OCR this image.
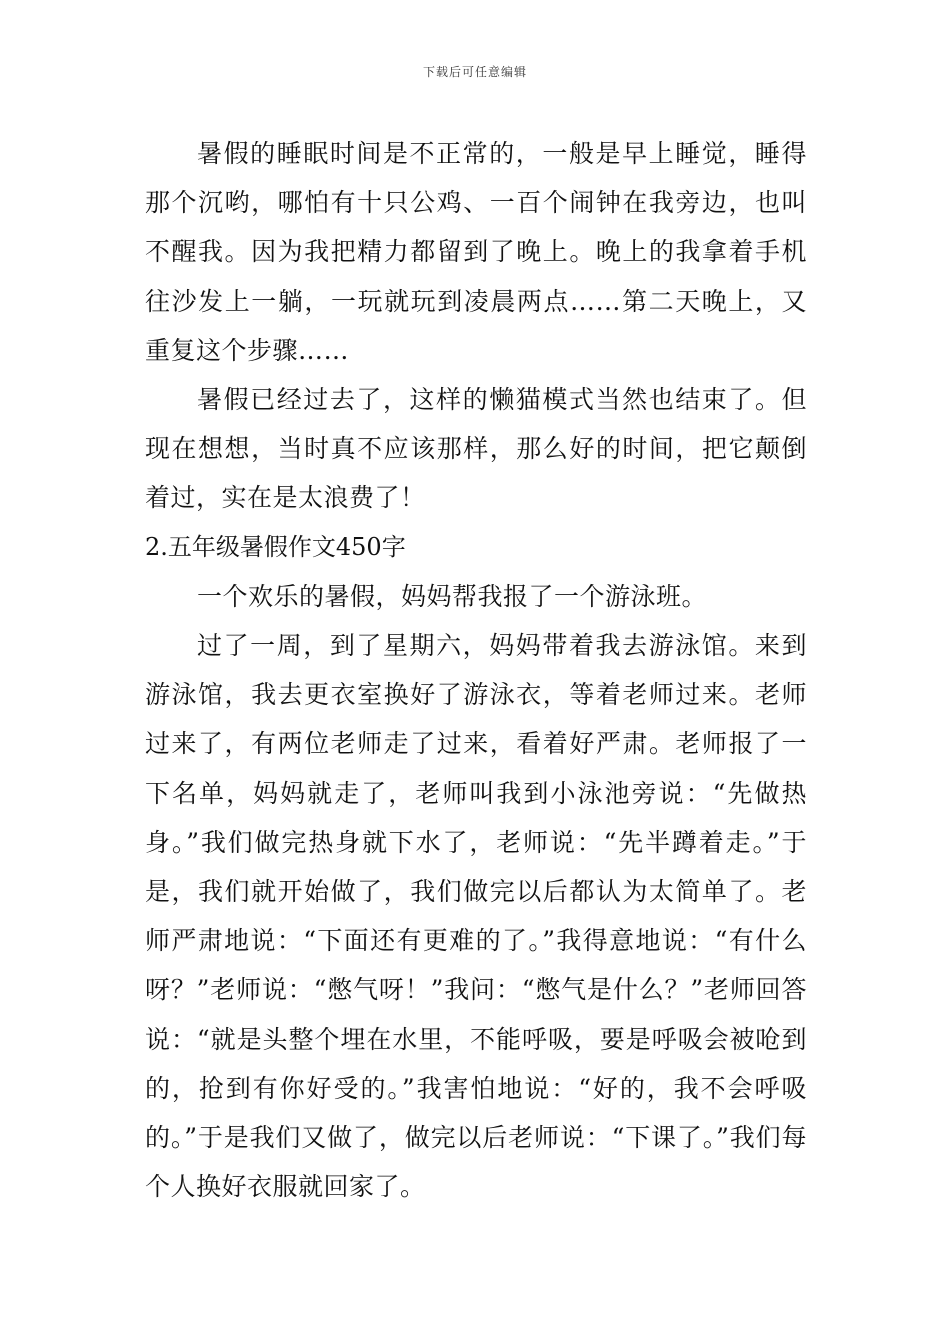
下载后可任意编辑

暑假的睡眠时间是不正常的，一般是早上睡觉，睡得那个沉哟，哪怕有十只公鸡、一百个闹钟在我旁边，也叫不醒我。因为我把精力都留到了晚上。晚上的我拿着手机往沙发上一躺，一玩就玩到凌晨两点……第二天晚上，又重复这个步骤……

暑假已经过去了，这样的懒猫模式当然也结束了。但现在想想，当时真不应该那样，那么好的时间，把它颠倒着过，实在是太浪费了！

2.五年级暑假作文450字

一个欢乐的暑假，妈妈帮我报了一个游泳班。

过了一周，到了星期六，妈妈带着我去游泳馆。来到游泳馆，我去更衣室换好了游泳衣，等着老师过来。老师过来了，有两位老师走了过来，看着好严肃。老师报了一下名单，妈妈就走了，老师叫我到小泳池旁说：“先做热身。”我们做完热身就下水了，老师说：“先半蹲着走。”于是，我们就开始做了，我们做完以后都认为太简单了。老师严肃地说：“下面还有更难的了。”我得意地说：“有什么呀？”老师说：“憋气呀！”我问：“憋气是什么？”老师回答说：“就是头整个埋在水里，不能呼吸，要是呼吸会被呛到的，抢到有你好受的。”我害怕地说：“好的，我不会呼吸的。”于是我们又做了，做完以后老师说：“下课了。”我们每个人换好衣服就回家了。
